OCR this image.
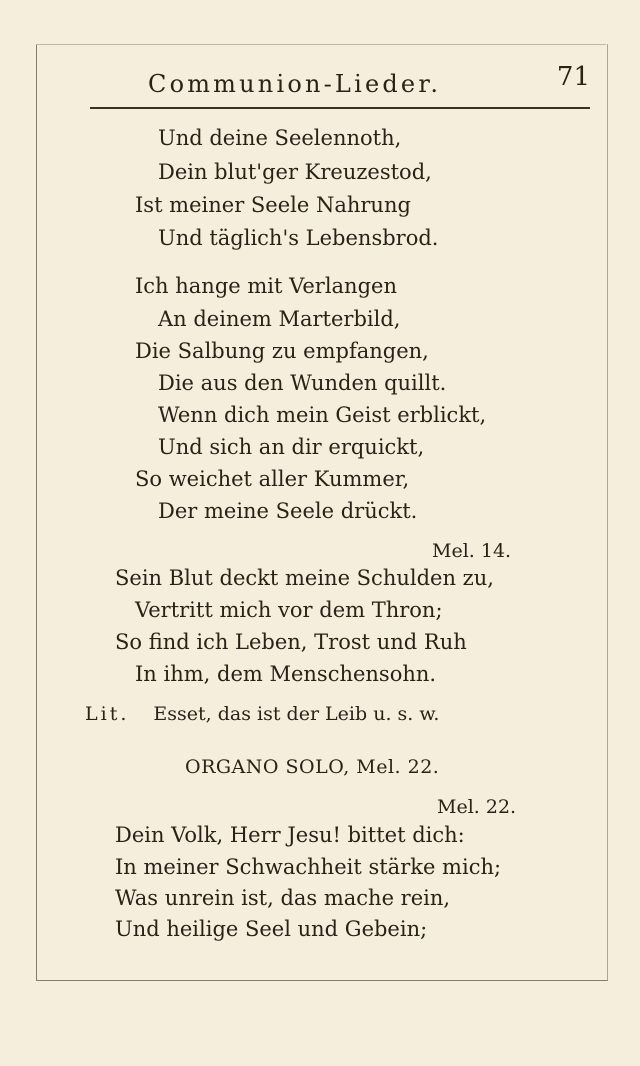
Communion-Lieder.	71
Und deine Seelennoth,
Dein blut'ger Kreuzestod,
Ist meiner Seele Nahrung
Und täglich's Lebensbrod.
Ich hange mit Verlangen
An deinem Marterbild,
Die Salbung zu empfangen,
Die aus den Wunden quillt.
Wenn dich mein Geist erblickt,
Und sich an dir erquickt,
So weichet aller Kummer,
Der meine Seele drückt.
Mel. 14.
Sein Blut deckt meine Schulden zu,
Vertritt mich vor dem Thron;
So find ich Leben, Trost und Ruh
In ihm, dem Menschensohn.
Lit. Esset, das ist der Leib u. s. w.
ORGANO SOLO, Mel. 22.
Mel. 22.
Dein Volk, Herr Jesu! bittet dich:
In meiner Schwachheit stärke mich;
Was unrein ist, das mache rein,
Und heilige Seel und Gebein;
